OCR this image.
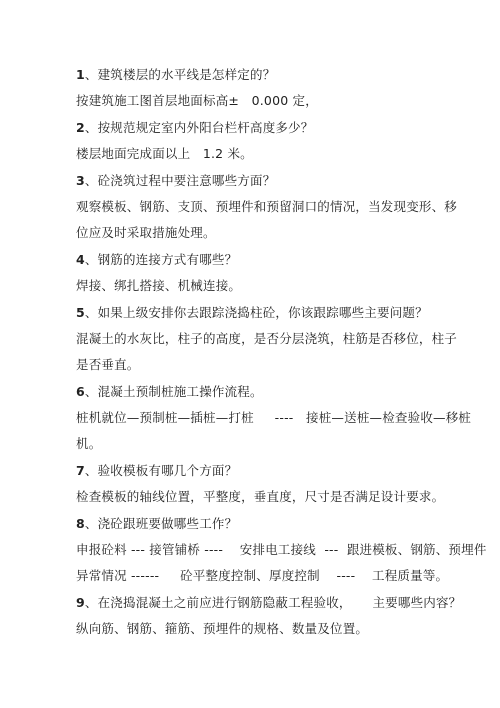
1、建筑楼层的水平线是怎样定的？
按建筑施工图首层地面标高±   0.000 定，
2、按规范规定室内外阳台栏杆高度多少？
楼层地面完成面以上   1.2 米。
3、砼浇筑过程中要注意哪些方面？
观察模板、钢筋、支顶、预埋件和预留洞口的情况，当发现变形、移
位应及时采取措施处理。
4、钢筋的连接方式有哪些？
焊接、绑扎搭接、机械连接。
5、如果上级安排你去跟踪浇捣柱砼，你该跟踪哪些主要问题？
混凝土的水灰比，柱子的高度，是否分层浇筑，柱筋是否移位，柱子
是否垂直。
6、混凝土预制桩施工操作流程。
桩机就位—预制桩—插桩—打桩     ----   接桩—送桩—检查验收—移桩
机。
7、验收模板有哪几个方面？
检查模板的轴线位置，平整度，垂直度，尺寸是否满足设计要求。
8、浇砼跟班要做哪些工作？
申报砼料 --- 接管铺桥 ----    安排电工接线  ---  跟进模板、钢筋、预埋件
异常情况 ------     砼平整度控制、厚度控制    ----    工程质量等。
9、在浇捣混凝土之前应进行钢筋隐蔽工程验收，     主要哪些内容？
纵向筋、钢筋、箍筋、预埋件的规格、数量及位置。
